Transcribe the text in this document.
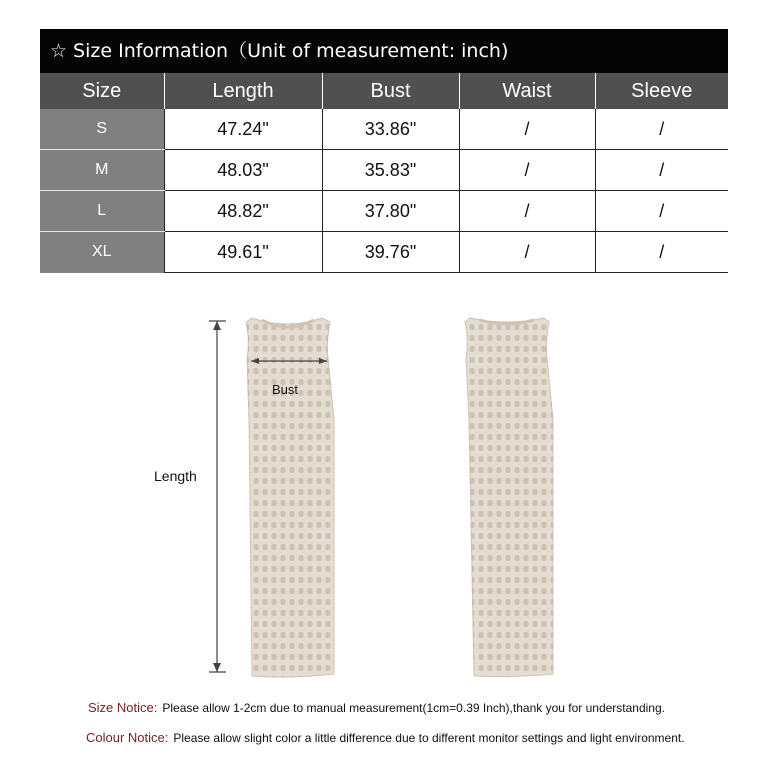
☆ Size Information（Unit of measurement: inch)
Size	Length	Bust	Waist	Sleeve
S	47.24"	33.86"	/	/
M	48.03"	35.83"	/	/
L	48.82"	37.80"	/	/
XL	49.61"	39.76"	/	/
Length
Bust
Size Notice: Please allow 1-2cm due to manual measurement(1cm=0.39 Inch),thank you for understanding.
Colour Notice: Please allow slight color a little difference due to different monitor settings and light environment.
